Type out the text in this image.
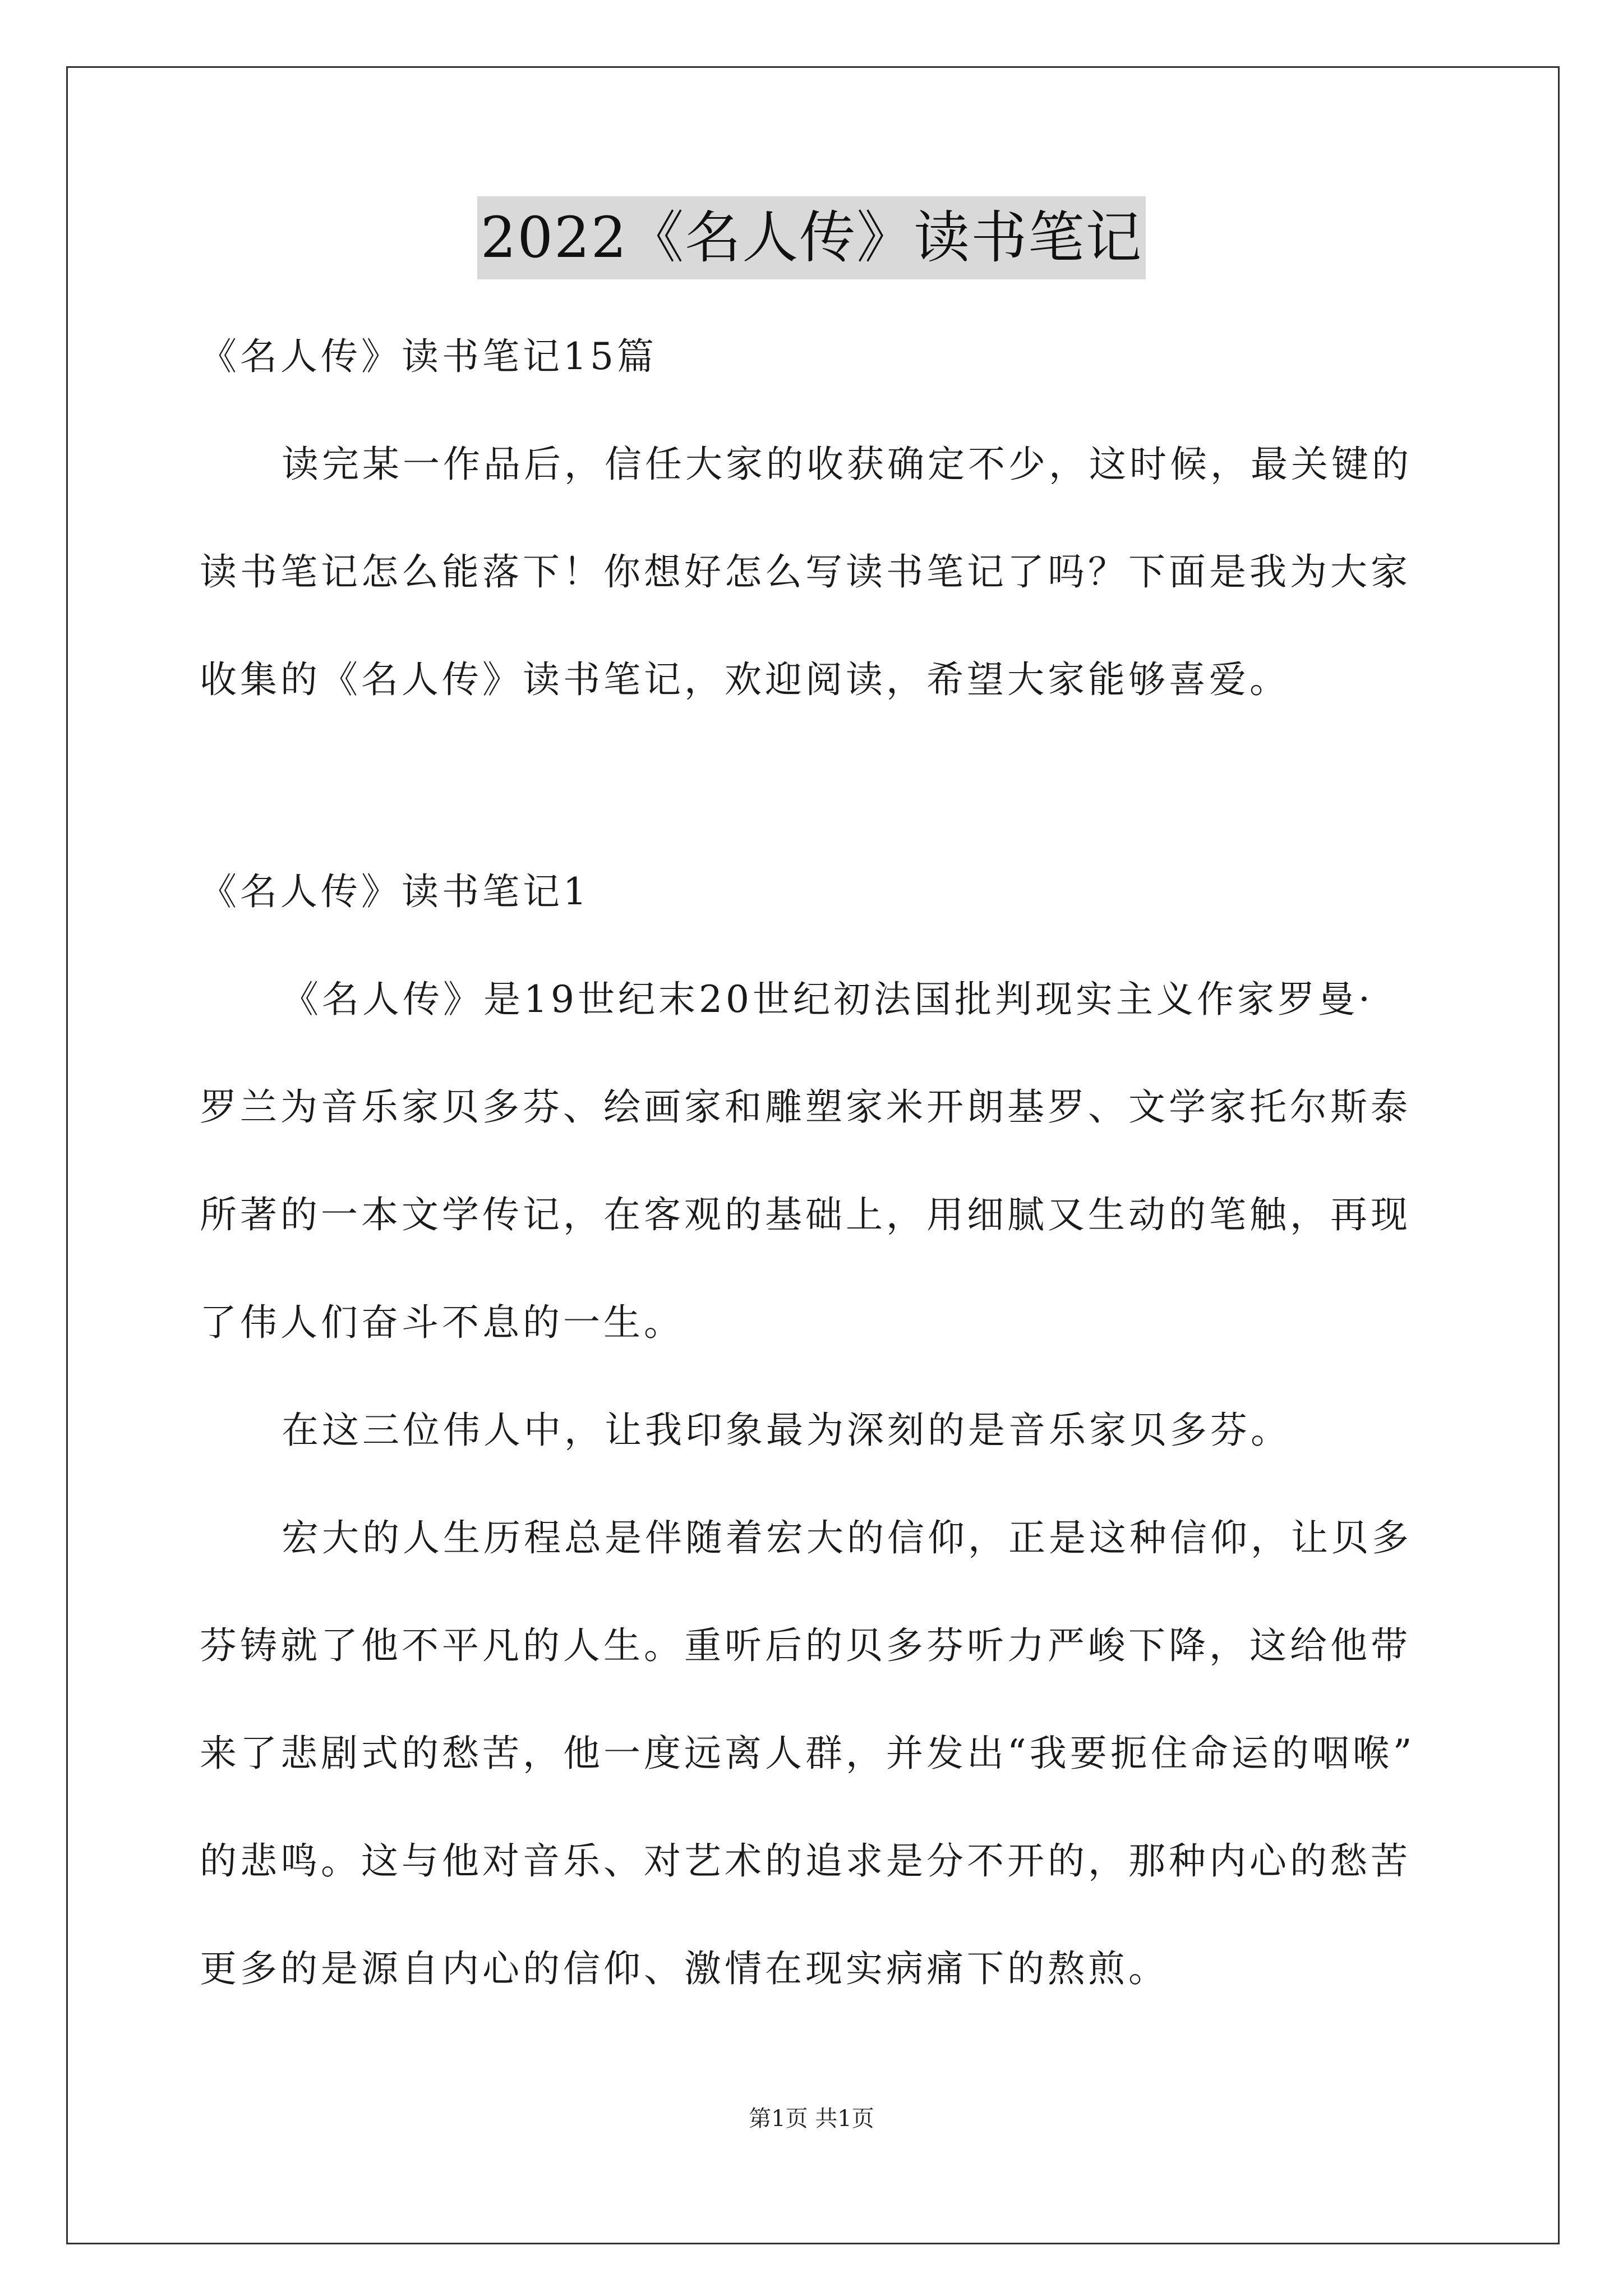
2022《名人传》读书笔记
《名人传》读书笔记15篇
读完某一作品后，信任大家的收获确定不少，这时候，最关键的
读书笔记怎么能落下！你想好怎么写读书笔记了吗？下面是我为大家
收集的《名人传》读书笔记，欢迎阅读，希望大家能够喜爱。
《名人传》读书笔记1
《名人传》是19世纪末20世纪初法国批判现实主义作家罗曼·
罗兰为音乐家贝多芬、绘画家和雕塑家米开朗基罗、文学家托尔斯泰
所著的一本文学传记，在客观的基础上，用细腻又生动的笔触，再现
了伟人们奋斗不息的一生。
在这三位伟人中，让我印象最为深刻的是音乐家贝多芬。
宏大的人生历程总是伴随着宏大的信仰，正是这种信仰，让贝多
芬铸就了他不平凡的人生。重听后的贝多芬听力严峻下降，这给他带
来了悲剧式的愁苦，他一度远离人群，并发出“我要扼住命运的咽喉”
的悲鸣。这与他对音乐、对艺术的追求是分不开的，那种内心的愁苦
更多的是源自内心的信仰、激情在现实病痛下的熬煎。
第1页 共1页
